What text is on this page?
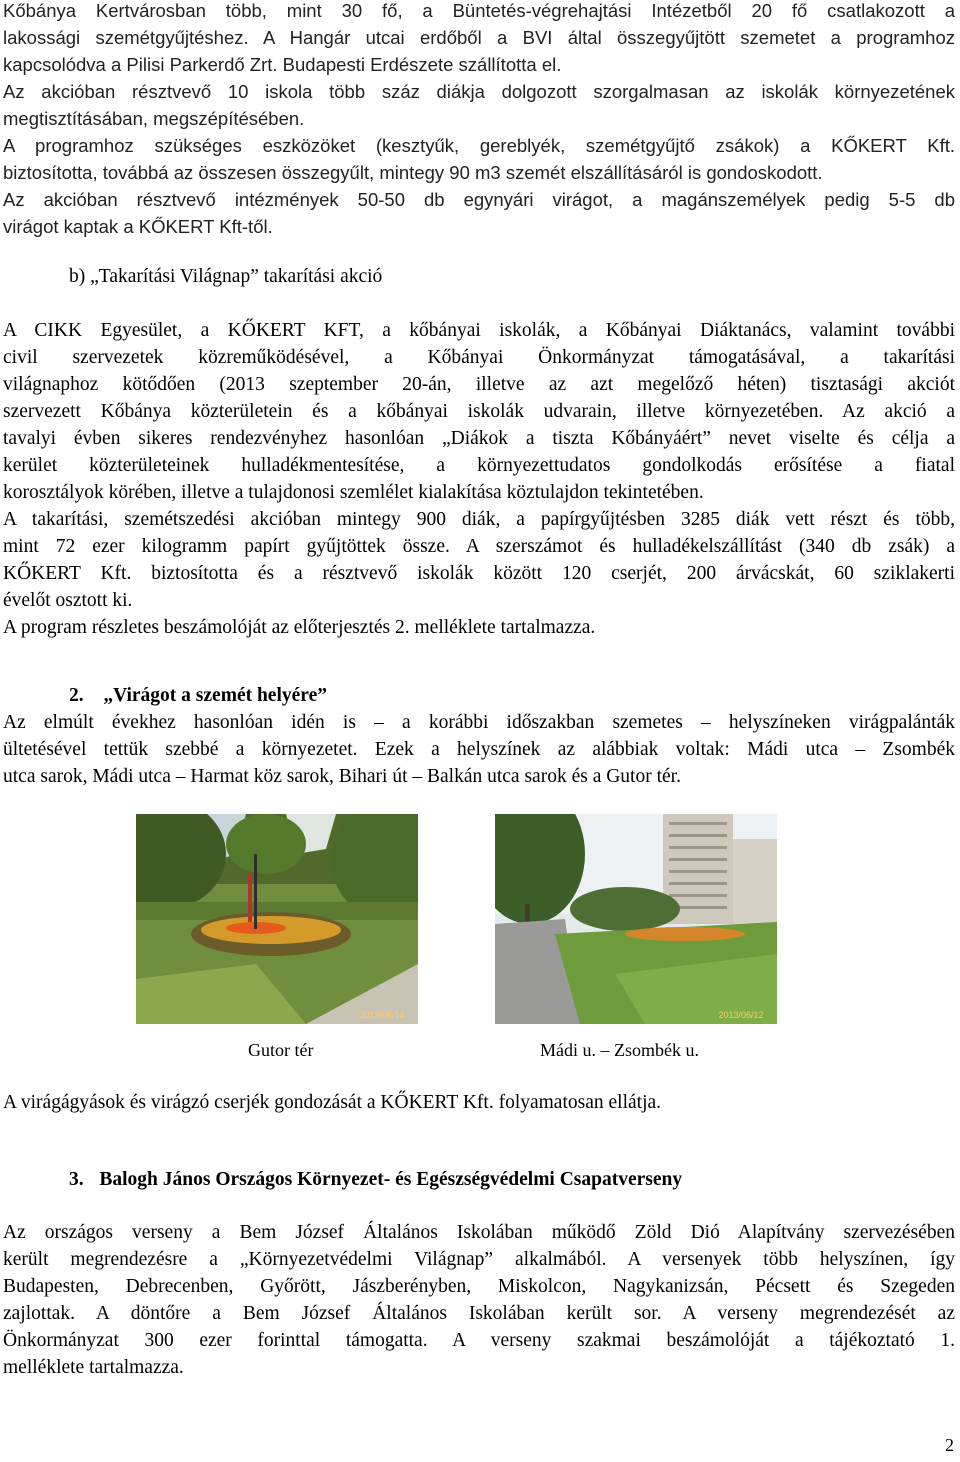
Kőbánya Kertvárosban több, mint 30 fő, a Büntetés-végrehajtási Intézetből 20 fő csatlakozott a
lakossági szemétgyűjtéshez. A Hangár utcai erdőből a BVI által összegyűjtött szemetet a programhoz
kapcsolódva a Pilisi Parkerdő Zrt. Budapesti Erdészete szállította el.
Az akcióban résztvevő 10 iskola több száz diákja dolgozott szorgalmasan az iskolák környezetének
megtisztításában, megszépítésében.
A programhoz szükséges eszközöket (kesztyűk, gereblyék, szemétgyűjtő zsákok) a KŐKERT Kft.
biztosította, továbbá az összesen összegyűlt, mintegy 90 m3 szemét elszállításáról is gondoskodott.
Az akcióban résztvevő intézmények 50-50 db egynyári virágot, a magánszemélyek pedig 5-5 db
virágot kaptak a KŐKERT Kft-től.
b) „Takarítási Világnap” takarítási akció
A CIKK Egyesület, a KŐKERT KFT, a kőbányai iskolák, a Kőbányai Diáktanács, valamint további
civil szervezetek közreműködésével, a Kőbányai Önkormányzat támogatásával, a takarítási
világnaphoz kötődően (2013 szeptember 20-án, illetve az azt megelőző héten) tisztasági akciót
szervezett Kőbánya közterületein és a kőbányai iskolák udvarain, illetve környezetében. Az akció a
tavalyi évben sikeres rendezvényhez hasonlóan „Diákok a tiszta Kőbányáért” nevet viselte és célja a
kerület közterületeinek hulladékmentesítése, a környezettudatos gondolkodás erősítése a fiatal
korosztályok körében, illetve a tulajdonosi szemlélet kialakítása köztulajdon tekintetében.
A takarítási, szemétszedési akcióban mintegy 900 diák, a papírgyűjtésben 3285 diák vett részt és több,
mint 72 ezer kilogramm papírt gyűjtöttek össze. A szerszámot és hulladékelszállítást (340 db zsák) a
KŐKERT Kft. biztosította és a résztvevő iskolák között 120 cserjét, 200 árvácskát, 60 sziklakerti
évelőt osztott ki.
A program részletes beszámolóját az előterjesztés 2. melléklete tartalmazza.
2. „Virágot a szemét helyére”
Az elmúlt évekhez hasonlóan idén is – a korábbi időszakban szemetes – helyszíneken virágpalánták
ültetésével tettük szebbé a környezetet. Ezek a helyszínek az alábbiak voltak: Mádi utca – Zsombék
utca sarok, Mádi utca – Harmat köz sarok, Bihari út – Balkán utca sarok és a Gutor tér.
2013/06/14	2013/06/12
Gutor tér	Mádi u. – Zsombék u.
A virágágyások és virágzó cserjék gondozását a KŐKERT Kft. folyamatosan ellátja.
3. Balogh János Országos Környezet- és Egészségvédelmi Csapatverseny
Az országos verseny a Bem József Általános Iskolában működő Zöld Dió Alapítvány szervezésében
került megrendezésre a „Környezetvédelmi Világnap” alkalmából. A versenyek több helyszínen, így
Budapesten, Debrecenben, Győrött, Jászberényben, Miskolcon, Nagykanizsán, Pécsett és Szegeden
zajlottak. A döntőre a Bem József Általános Iskolában került sor. A verseny megrendezését az
Önkormányzat 300 ezer forinttal támogatta. A verseny szakmai beszámolóját a tájékoztató 1.
melléklete tartalmazza.
2
